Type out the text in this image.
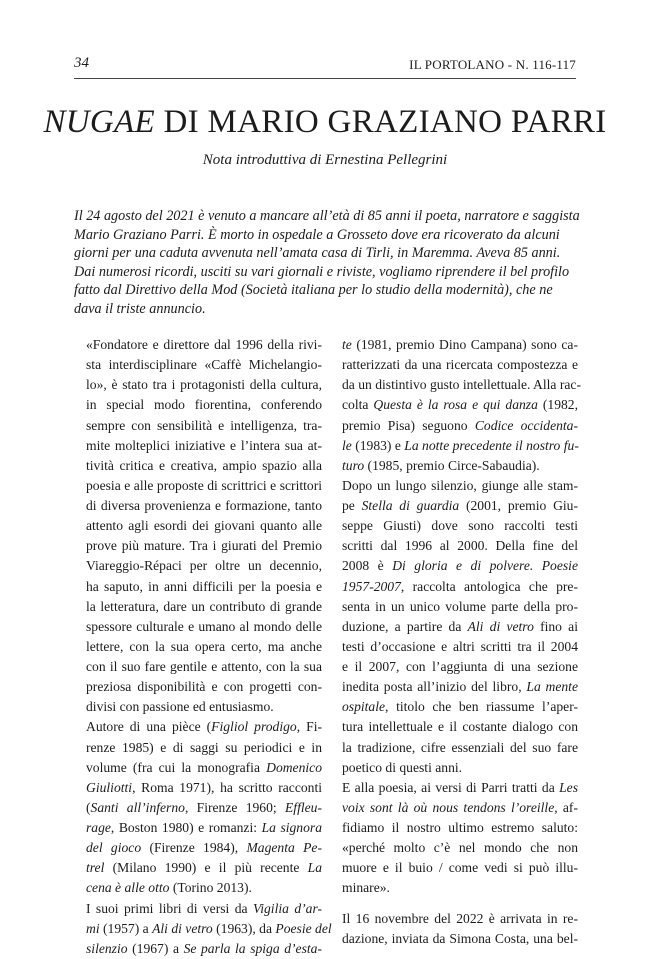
34	IL PORTOLANO - N. 116-117
NUGAE DI MARIO GRAZIANO PARRI

Nota introduttiva di Ernestina Pellegrini

Il 24 agosto del 2021 è venuto a mancare all’età di 85 anni il poeta, narratore e saggista
Mario Graziano Parri. È morto in ospedale a Grosseto dove era ricoverato da alcuni
giorni per una caduta avvenuta nell’amata casa di Tirli, in Maremma. Aveva 85 anni.
Dai numerosi ricordi, usciti su vari giornali e riviste, vogliamo riprendere il bel profilo
fatto dal Direttivo della Mod (Società italiana per lo studio della modernità), che ne
dava il triste annuncio.
«Fondatore e direttore dal 1996 della rivi-
sta interdisciplinare «Caffè Michelangio-
lo», è stato tra i protagonisti della cultura,
in special modo fiorentina, conferendo
sempre con sensibilità e intelligenza, tra-
mite molteplici iniziative e l’intera sua at-
tività critica e creativa, ampio spazio alla
poesia e alle proposte di scrittrici e scrittori
di diversa provenienza e formazione, tanto
attento agli esordi dei giovani quanto alle
prove più mature. Tra i giurati del Premio
Viareggio-Répaci per oltre un decennio,
ha saputo, in anni difficili per la poesia e
la letteratura, dare un contributo di grande
spessore culturale e umano al mondo delle
lettere, con la sua opera certo, ma anche
con il suo fare gentile e attento, con la sua
preziosa disponibilità e con progetti con-
divisi con passione ed entusiasmo.
Autore di una pièce (Figliol prodigo, Fi-
renze 1985) e di saggi su periodici e in
volume (fra cui la monografia Domenico
Giuliotti, Roma 1971), ha scritto racconti
(Santi all’inferno, Firenze 1960; Effleu-
rage, Boston 1980) e romanzi: La signora
del gioco (Firenze 1984), Magenta Pe-
trel (Milano 1990) e il più recente La
cena è alle otto (Torino 2013).
I suoi primi libri di versi da Vigilia d’ar-
mi (1957) a Ali di vetro (1963), da Poesie del
silenzio (1967) a Se parla la spiga d’esta-
te (1981, premio Dino Campana) sono ca-
ratterizzati da una ricercata compostezza e
da un distintivo gusto intellettuale. Alla rac-
colta Questa è la rosa e qui danza (1982,
premio Pisa) seguono Codice occidenta-
le (1983) e La notte precedente il nostro fu-
turo (1985, premio Circe-Sabaudia).
Dopo un lungo silenzio, giunge alle stam-
pe Stella di guardia (2001, premio Giu-
seppe Giusti) dove sono raccolti testi
scritti dal 1996 al 2000. Della fine del
2008 è Di gloria e di polvere. Poesie
1957-2007, raccolta antologica che pre-
senta in un unico volume parte della pro-
duzione, a partire da Ali di vetro fino ai
testi d’occasione e altri scritti tra il 2004
e il 2007, con l’aggiunta di una sezione
inedita posta all’inizio del libro, La mente
ospitale, titolo che ben riassume l’aper-
tura intellettuale e il costante dialogo con
la tradizione, cifre essenziali del suo fare
poetico di questi anni.
E alla poesia, ai versi di Parri tratti da Les
voix sont là où nous tendons l’oreille, af-
fidiamo il nostro ultimo estremo saluto:
«perché molto c’è nel mondo che non
muore e il buio / come vedi si può illu-
minare».
Il 16 novembre del 2022 è arrivata in re-
dazione, inviata da Simona Costa, una bel-
